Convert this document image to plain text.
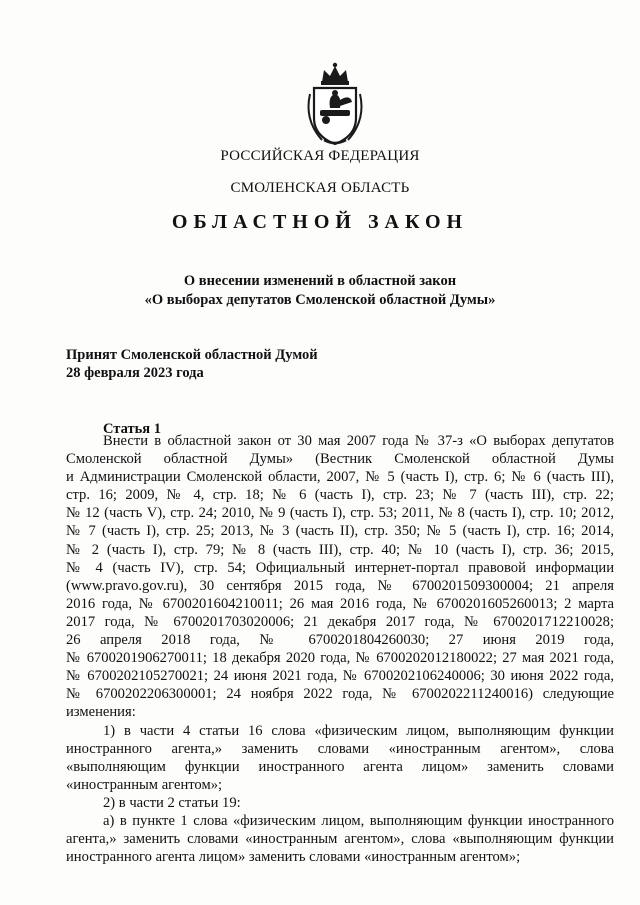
РОССИЙСКАЯ ФЕДЕРАЦИЯ
СМОЛЕНСКАЯ ОБЛАСТЬ
ОБЛАСТНОЙ ЗАКОН
О внесении изменений в областной закон
«О выборах депутатов Смоленской областной Думы»
Принят Смоленской областной Думой
28 февраля 2023 года
Статья 1

Внести в областной закон от 30 мая 2007 года № 37-з «О выборах депутатов

Смоленской областной Думы» (Вестник Смоленской областной Думы

и Администрации Смоленской области, 2007, № 5 (часть I), стр. 6; № 6 (часть III),

стр. 16; 2009, № 4, стр. 18; № 6 (часть I), стр. 23; № 7 (часть III), стр. 22;

№ 12 (часть V), стр. 24; 2010, № 9 (часть I), стр. 53; 2011, № 8 (часть I), стр. 10; 2012,

№ 7 (часть I), стр. 25; 2013, № 3 (часть II), стр. 350; № 5 (часть I), стр. 16; 2014,

№ 2 (часть I), стр. 79; № 8 (часть III), стр. 40; № 10 (часть I), стр. 36; 2015,

№ 4 (часть IV), стр. 54; Официальный интернет-портал правовой информации

(www.pravo.gov.ru), 30 сентября 2015 года, № 6700201509300004; 21 апреля

2016 года, № 6700201604210011; 26 мая 2016 года, № 6700201605260013; 2 марта

2017 года, № 6700201703020006; 21 декабря 2017 года, № 6700201712210028;

26 апреля 2018 года, № 6700201804260030; 27 июня 2019 года,

№ 6700201906270011; 18 декабря 2020 года, № 6700202012180022; 27 мая 2021 года,

№ 6700202105270021; 24 июня 2021 года, № 6700202106240006; 30 июня 2022 года,

№ 6700202206300001; 24 ноября 2022 года, № 6700202211240016) следующие

изменения:

1) в части 4 статьи 16 слова «физическим лицом, выполняющим функции

иностранного агента,» заменить словами «иностранным агентом», слова

«выполняющим функции иностранного агента лицом» заменить словами

«иностранным агентом»;

2) в части 2 статьи 19:

а) в пункте 1 слова «физическим лицом, выполняющим функции иностранного

агента,» заменить словами «иностранным агентом», слова «выполняющим функции

иностранного агента лицом» заменить словами «иностранным агентом»;
